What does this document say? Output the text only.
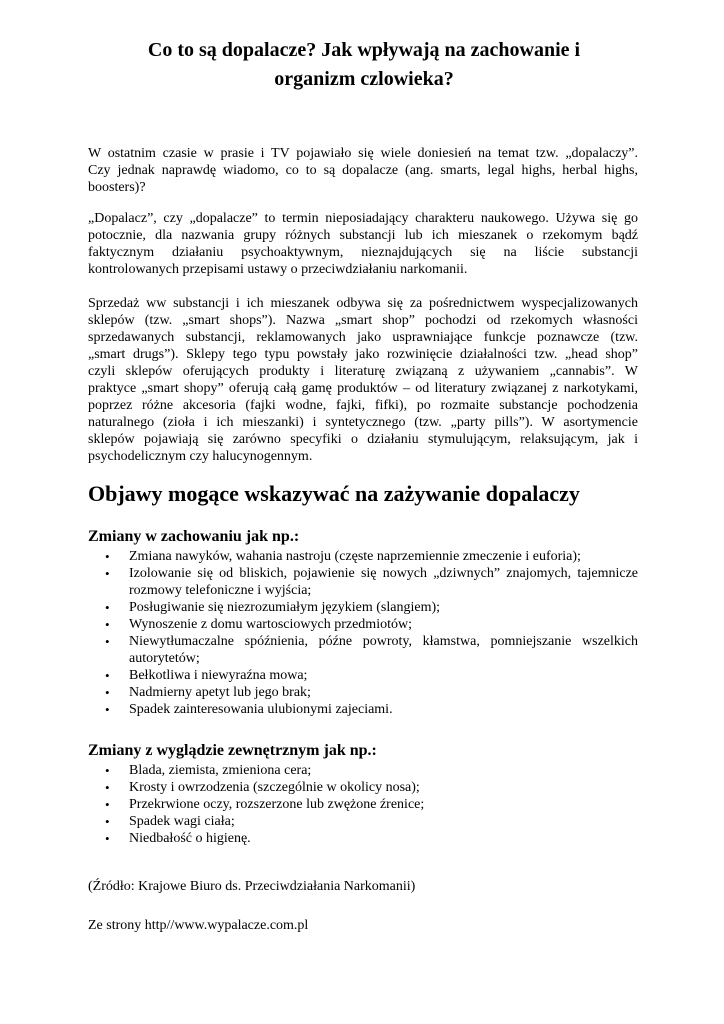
Co to są dopalacze? Jak wpływają na zachowanie i
organizm czlowieka?
W ostatnim czasie w prasie i TV pojawiało się wiele doniesień na temat tzw. „dopalaczy”.
Czy jednak naprawdę wiadomo, co to są dopalacze (ang. smarts, legal highs, herbal highs,
boosters)?
„Dopalacz”, czy „dopalacze” to termin nieposiadający charakteru naukowego. Używa się go
potocznie, dla nazwania grupy różnych substancji lub ich mieszanek o rzekomym bądź
faktycznym działaniu psychoaktywnym, nieznajdujących się na liście substancji
kontrolowanych przepisami ustawy o przeciwdziałaniu narkomanii.
Sprzedaż ww substancji i ich mieszanek odbywa się za pośrednictwem wyspecjalizowanych
sklepów (tzw. „smart shops”). Nazwa „smart shop” pochodzi od rzekomych własności
sprzedawanych substancji, reklamowanych jako usprawniające funkcje poznawcze (tzw.
„smart drugs”). Sklepy tego typu powstały jako rozwinięcie działalności tzw. „head shop”
czyli sklepów oferujących produkty i literaturę związaną z używaniem „cannabis”. W
praktyce „smart shopy” oferują całą gamę produktów – od literatury związanej z narkotykami,
poprzez różne akcesoria (fajki wodne, fajki, fifki), po rozmaite substancje pochodzenia
naturalnego (zioła i ich mieszanki) i syntetycznego (tzw. „party pills”). W asortymencie
sklepów pojawiają się zarówno specyfiki o działaniu stymulującym, relaksującym, jak i
psychodelicznym czy halucynogennym.
Objawy mogące wskazywać na zażywanie dopalaczy
Zmiany w zachowaniu jak np.:
• Zmiana nawyków, wahania nastroju (częste naprzemiennie zmeczenie i euforia);
• Izolowanie się od bliskich, pojawienie się nowych „dziwnych” znajomych, tajemnicze
rozmowy telefoniczne i wyjścia;
• Posługiwanie się niezrozumiałym językiem (slangiem);
• Wynoszenie z domu wartosciowych przedmiotów;
• Niewytłumaczalne spóźnienia, późne powroty, kłamstwa, pomniejszanie wszelkich
autorytetów;
• Bełkotliwa i niewyraźna mowa;
• Nadmierny apetyt lub jego brak;
• Spadek zainteresowania ulubionymi zajeciami.
Zmiany z wyglądzie zewnętrznym jak np.:
• Blada, ziemista, zmieniona cera;
• Krosty i owrzodzenia (szczególnie w okolicy nosa);
• Przekrwione oczy, rozszerzone lub zwężone źrenice;
• Spadek wagi ciała;
• Niedbałość o higienę.

(Źródło: Krajowe Biuro ds. Przeciwdziałania Narkomanii)

Ze strony http//www.wypalacze.com.pl
